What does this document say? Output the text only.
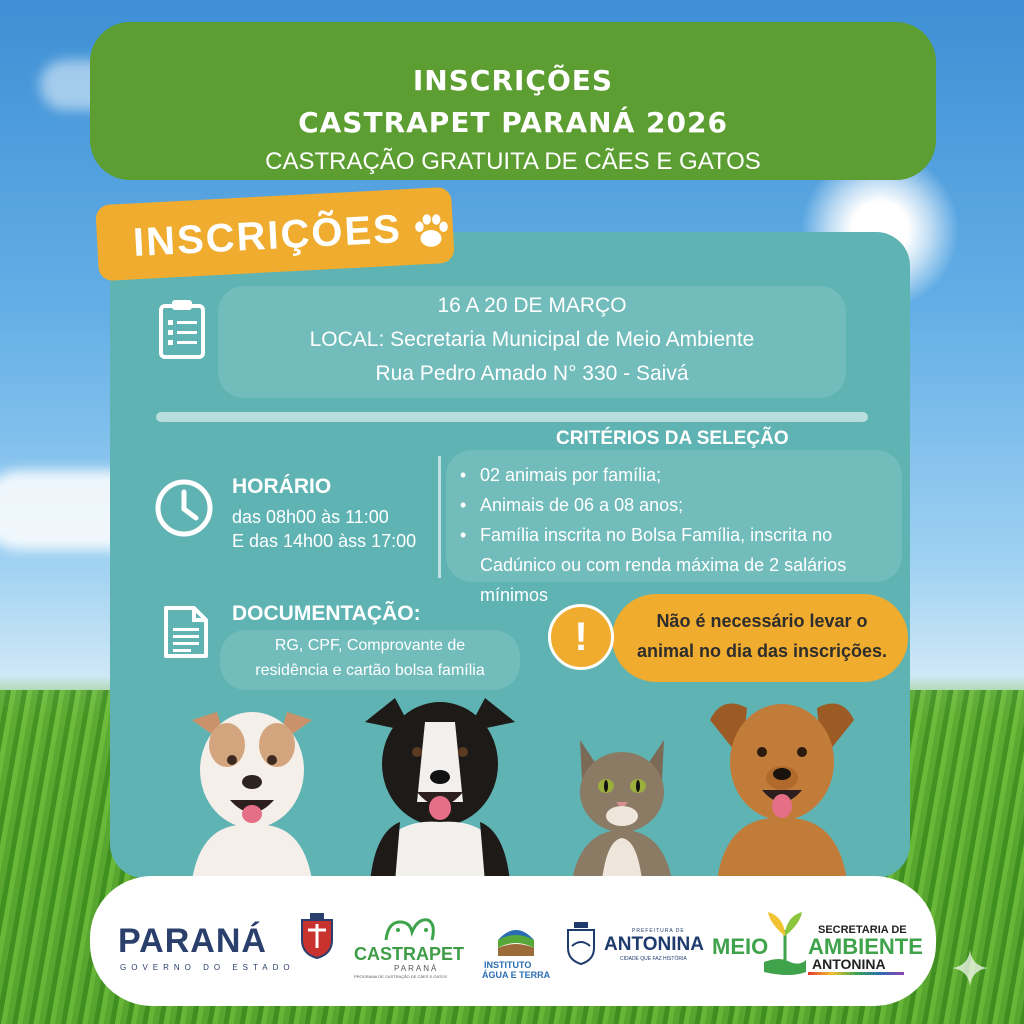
INSCRIÇÕES
CASTRAPET PARANÁ 2026
CASTRAÇÃO GRATUITA DE CÃES E GATOS
INSCRIÇÕES
16 A 20 DE MARÇO
LOCAL: Secretaria Municipal de Meio Ambiente
Rua Pedro Amado N° 330 - Saivá
HORÁRIO
das 08h00 às 11:00
E das 14h00 àss 17:00
CRITÉRIOS DA SELEÇÃO
• 02 animais por família;
• Animais de 06 a 08 anos;
• Família inscrita no Bolsa Família, inscrita no Cadúnico ou com renda máxima de 2 salários mínimos
DOCUMENTAÇÃO:
RG, CPF, Comprovante de
residência e cartão bolsa família
!	Não é necessário levar o
animal no dia das inscrições.
PARANÁ
GOVERNO DO ESTADO
CASTRAPET
PARANÁ
PROGRAMA DE CASTRAÇÃO DE CÃES E GATOS
INSTITUTO
ÁGUA E TERRA
PREFEITURA DE
ANTONINA
CIDADE QUE FAZ HISTÓRIA
SECRETARIA DE
MEIO AMBIENTE
ANTONINA
